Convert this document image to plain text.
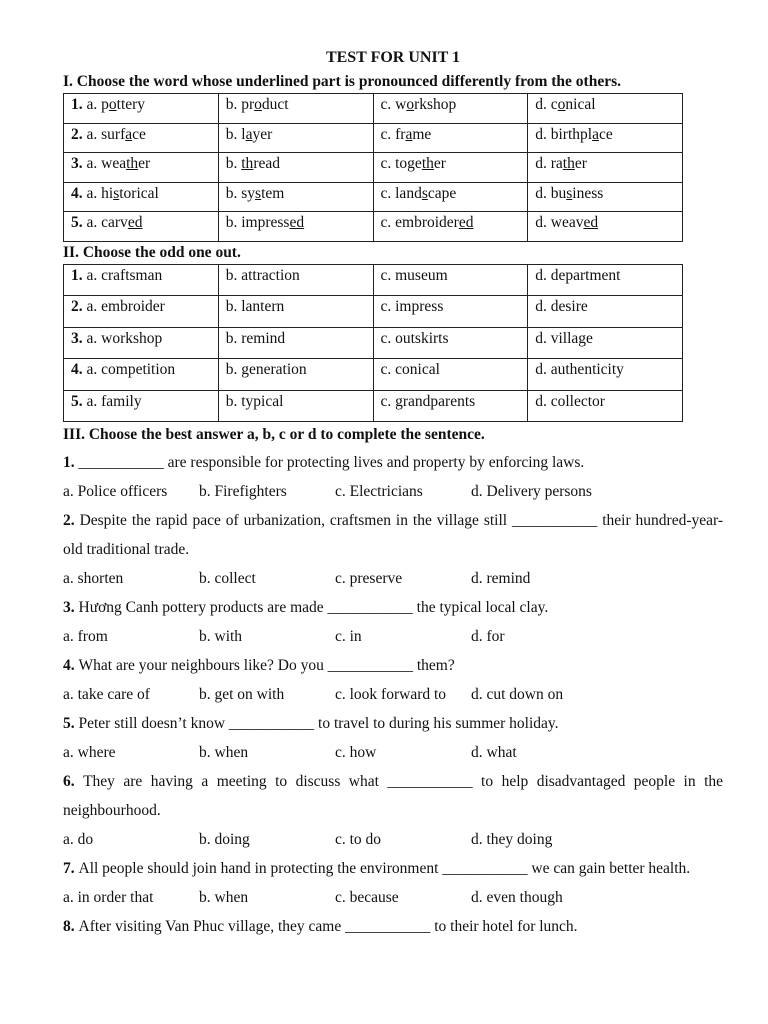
TEST FOR UNIT 1
I. Choose the word whose underlined part is pronounced differently from the others.
1. a. pottery	b. product	c. workshop	d. conical
2. a. surface	b. layer	c. frame	d. birthplace
3. a. weather	b. thread	c. together	d. rather
4. a. historical	b. system	c. landscape	d. business
5. a. carved	b. impressed	c. embroidered	d. weaved
II. Choose the odd one out.
1. a. craftsman	b. attraction	c. museum	d. department
2. a. embroider	b. lantern	c. impress	d. desire
3. a. workshop	b. remind	c. outskirts	d. village
4. a. competition	b. generation	c. conical	d. authenticity
5. a. family	b. typical	c. grandparents	d. collector
III. Choose the best answer a, b, c or d to complete the sentence.
1. ___________ are responsible for protecting lives and property by enforcing laws.
a. Police officers	b. Firefighters	c. Electricians	d. Delivery persons
2. Despite the rapid pace of urbanization, craftsmen in the village still ___________ their hundred-year-old traditional trade.
a. shorten	b. collect	c. preserve	d. remind
3. Hương Canh pottery products are made ___________ the typical local clay.
a. from	b. with	c. in	d. for
4. What are your neighbours like? Do you ___________ them?
a. take care of	b. get on with	c. look forward to	d. cut down on
5. Peter still doesn’t know ___________ to travel to during his summer holiday.
a. where	b. when	c. how	d. what
6. They are having a meeting to discuss what ___________ to help disadvantaged people in the neighbourhood.
a. do	b. doing	c. to do	d. they doing
7. All people should join hand in protecting the environment ___________ we can gain better health.
a. in order that	b. when	c. because	d. even though
8. After visiting Van Phuc village, they came ___________ to their hotel for lunch.
